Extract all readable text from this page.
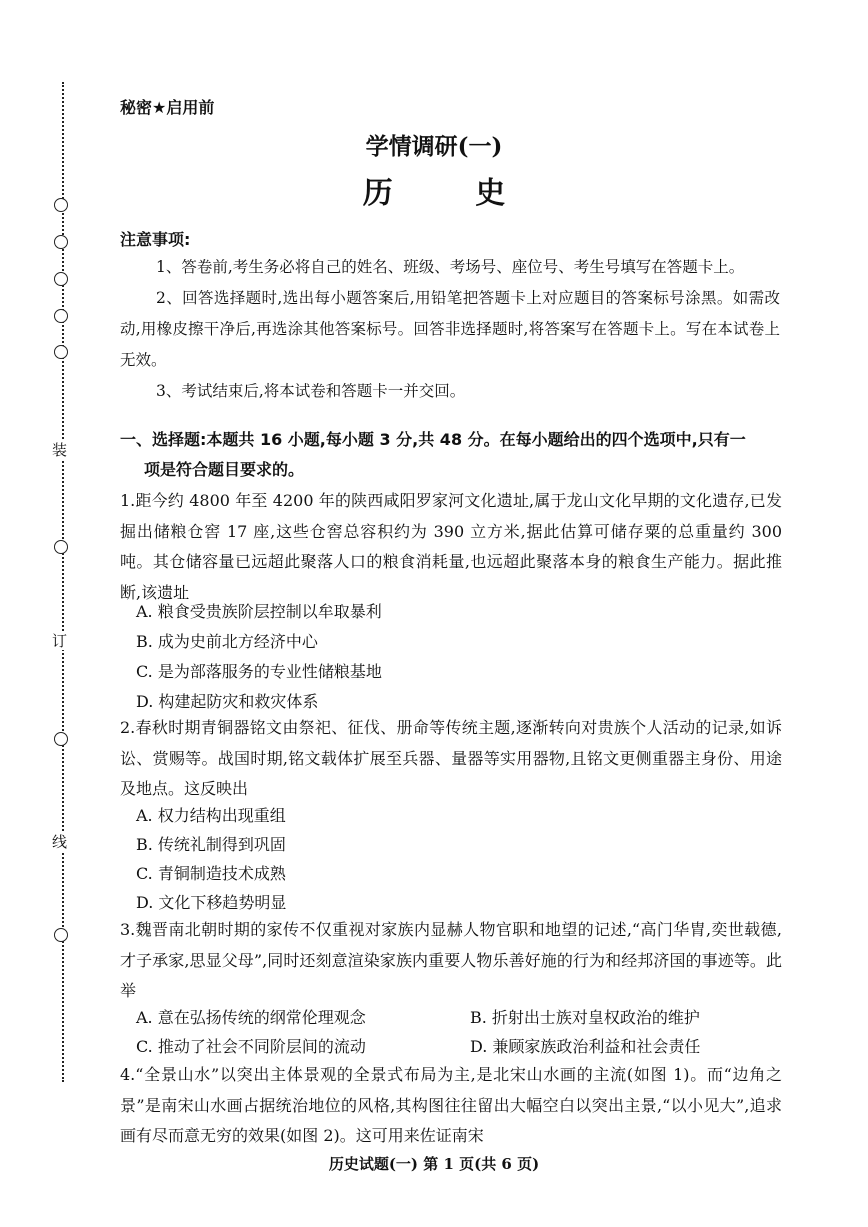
装
订
线
秘密★启用前
学情调研(一)
历 史
注意事项:
1、答卷前,考生务必将自己的姓名、班级、考场号、座位号、考生号填写在答题卡上。
2、回答选择题时,选出每小题答案后,用铅笔把答题卡上对应题目的答案标号涂黑。如需改动,用橡皮擦干净后,再选涂其他答案标号。回答非选择题时,将答案写在答题卡上。写在本试卷上无效。
3、考试结束后,将本试卷和答题卡一并交回。
一、选择题:本题共 16 小题,每小题 3 分,共 48 分。在每小题给出的四个选项中,只有一
项是符合题目要求的。
1.距今约 4800 年至 4200 年的陕西咸阳罗家河文化遗址,属于龙山文化早期的文化遗存,已发掘出储粮仓窖 17 座,这些仓窖总容积约为 390 立方米,据此估算可储存粟的总重量约 300 吨。其仓储容量已远超此聚落人口的粮食消耗量,也远超此聚落本身的粮食生产能力。据此推断,该遗址
A. 粮食受贵族阶层控制以牟取暴利
B. 成为史前北方经济中心
C. 是为部落服务的专业性储粮基地
D. 构建起防灾和救灾体系
2.春秋时期青铜器铭文由祭祀、征伐、册命等传统主题,逐渐转向对贵族个人活动的记录,如诉讼、赏赐等。战国时期,铭文载体扩展至兵器、量器等实用器物,且铭文更侧重器主身份、用途及地点。这反映出
A. 权力结构出现重组
B. 传统礼制得到巩固
C. 青铜制造技术成熟
D. 文化下移趋势明显
3.魏晋南北朝时期的家传不仅重视对家族内显赫人物官职和地望的记述,“高门华胄,奕世载德,才子承家,思显父母”,同时还刻意渲染家族内重要人物乐善好施的行为和经邦济国的事迹等。此举
A. 意在弘扬传统的纲常伦理观念	B. 折射出士族对皇权政治的维护
C. 推动了社会不同阶层间的流动	D. 兼顾家族政治利益和社会责任
4.“全景山水”以突出主体景观的全景式布局为主,是北宋山水画的主流(如图 1)。而“边角之景”是南宋山水画占据统治地位的风格,其构图往往留出大幅空白以突出主景,“以小见大”,追求画有尽而意无穷的效果(如图 2)。这可用来佐证南宋
历史试题(一) 第 1 页(共 6 页)
